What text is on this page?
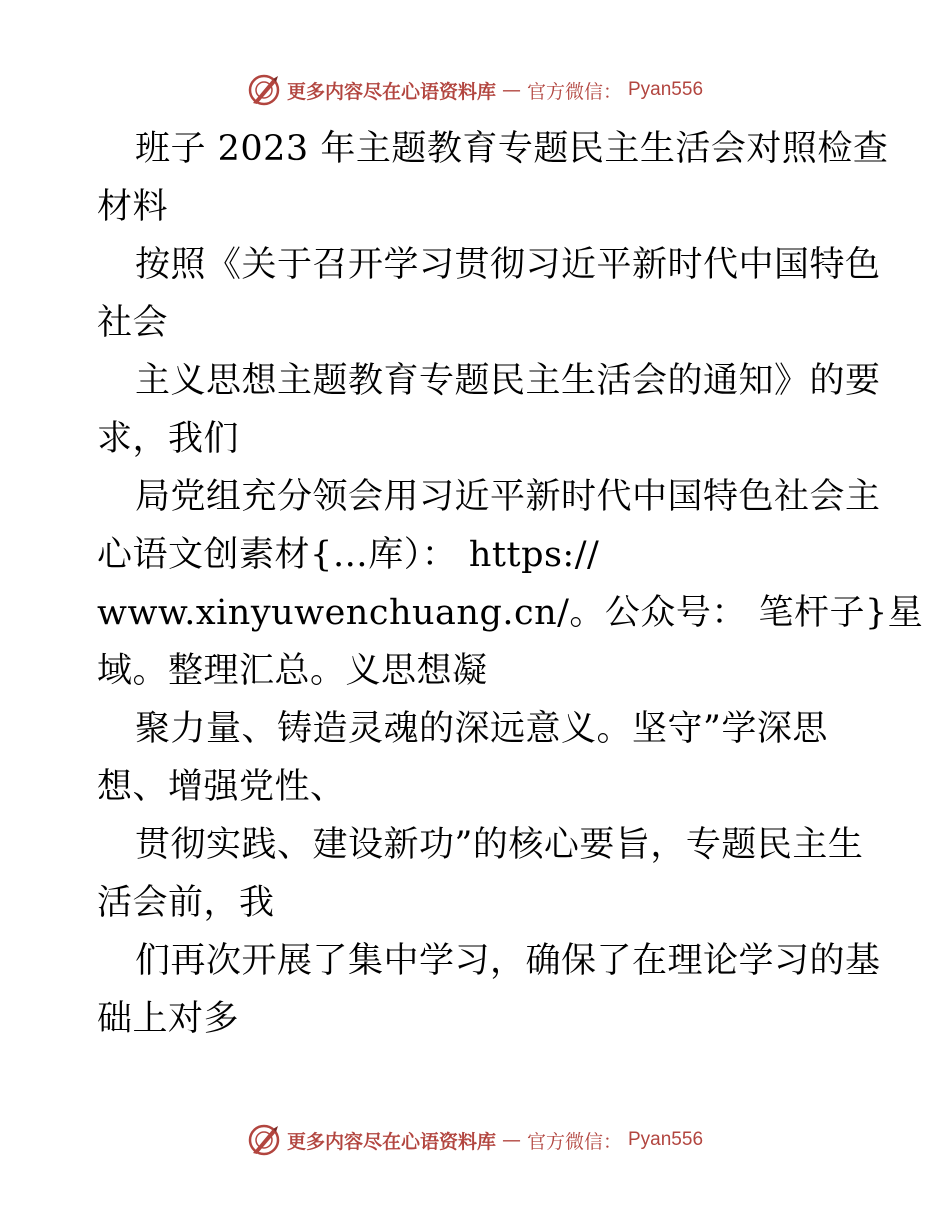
更多内容尽在心语资料库 — 官方微信： Pyan556
班子 2023 年主题教育专题民主生活会对照检查
材料
按照《关于召开学习贯彻习近平新时代中国特色
社会
主义思想主题教育专题民主生活会的通知》的要
求，我们
局党组充分领会用习近平新时代中国特色社会主
心语文创素材{…库）： https://
www.xinyuwenchuang.cn/。公众号： 笔杆子}星
域。整理汇总。义思想凝
聚力量、铸造灵魂的深远意义。坚守”学深思
想、增强党性、
贯彻实践、建设新功”的核心要旨，专题民主生
活会前，我
们再次开展了集中学习，确保了在理论学习的基
础上对多
更多内容尽在心语资料库 — 官方微信： Pyan556
